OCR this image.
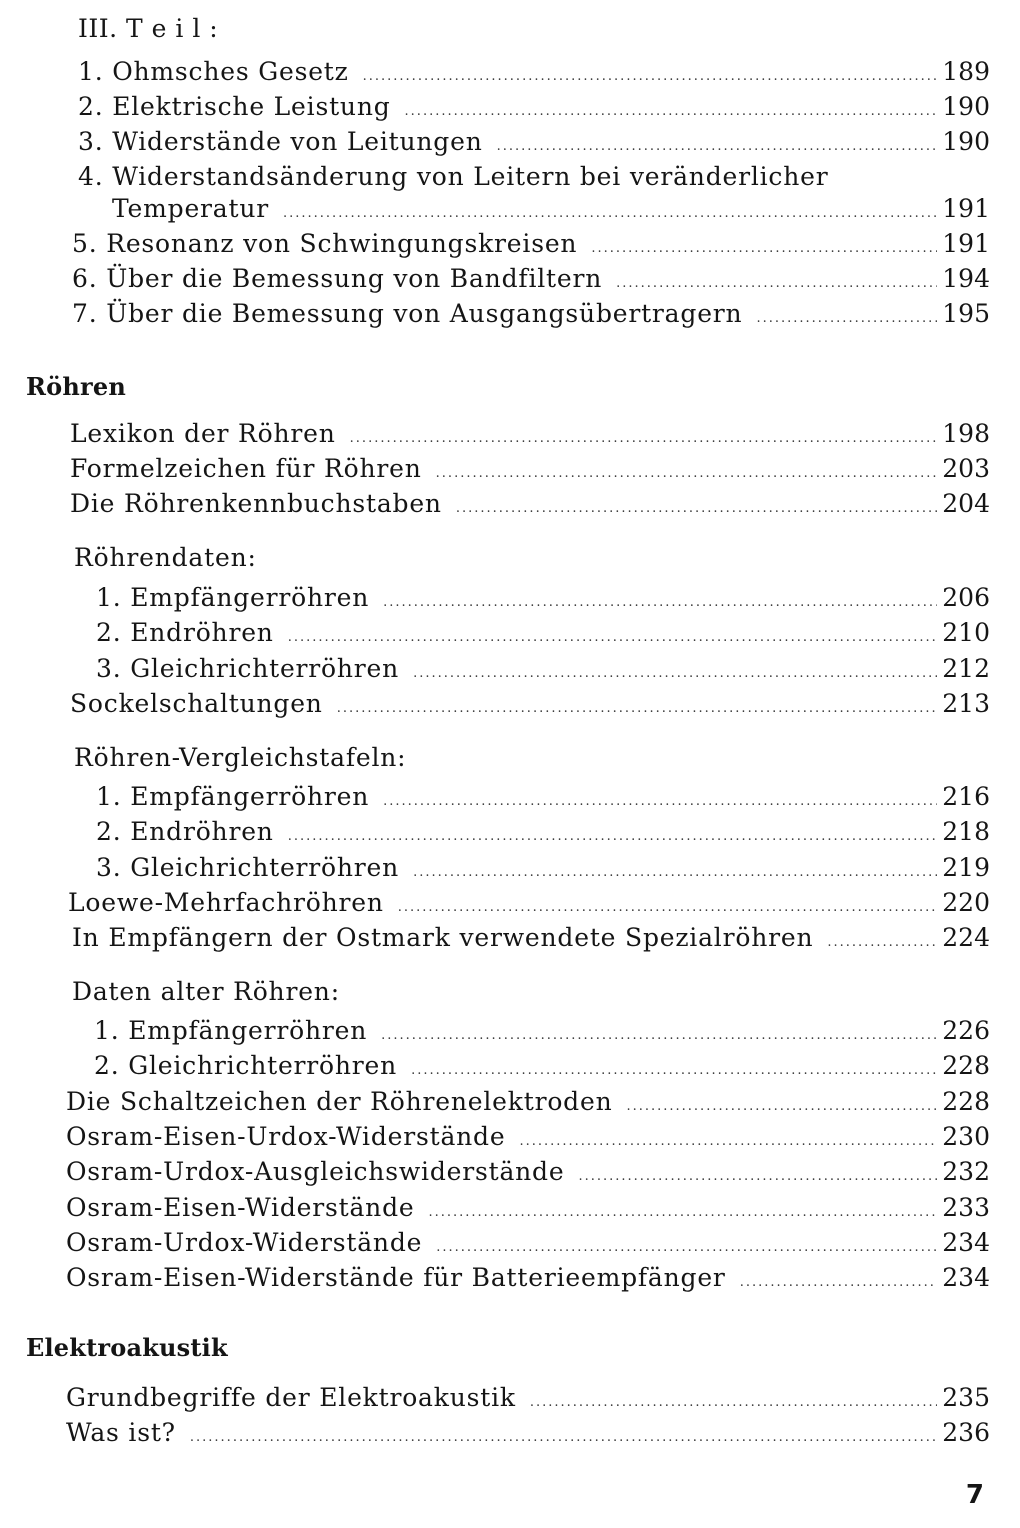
III. T e i l :
1. Ohmsches Gesetz .....	189
2. Elektrische Leistung .....	190
3. Widerstände von Leitungen .....	190
4. Widerstandsänderung von Leitern bei veränderlicher
Temperatur .....	191
5. Resonanz von Schwingungskreisen .....	191
6. Über die Bemessung von Bandfiltern .....	194
7. Über die Bemessung von Ausgangsübertragern .....	195
Röhren
Lexikon der Röhren .....	198
Formelzeichen für Röhren .....	203
Die Röhrenkennbuchstaben .....	204
Röhrendaten:
1. Empfängerröhren .....	206
2. Endröhren .....	210
3. Gleichrichterröhren .....	212
Sockelschaltungen .....	213
Röhren-Vergleichstafeln:
1. Empfängerröhren .....	216
2. Endröhren .....	218
3. Gleichrichterröhren .....	219
Loewe-Mehrfachröhren .....	220
In Empfängern der Ostmark verwendete Spezialröhren .....	224
Daten alter Röhren:
1. Empfängerröhren .....	226
2. Gleichrichterröhren .....	228
Die Schaltzeichen der Röhrenelektroden .....	228
Osram-Eisen-Urdox-Widerstände .....	230
Osram-Urdox-Ausgleichswiderstände .....	232
Osram-Eisen-Widerstände .....	233
Osram-Urdox-Widerstände .....	234
Osram-Eisen-Widerstände für Batterieempfänger .....	234
Elektroakustik
Grundbegriffe der Elektroakustik .....	235
Was ist? .....	236
7
